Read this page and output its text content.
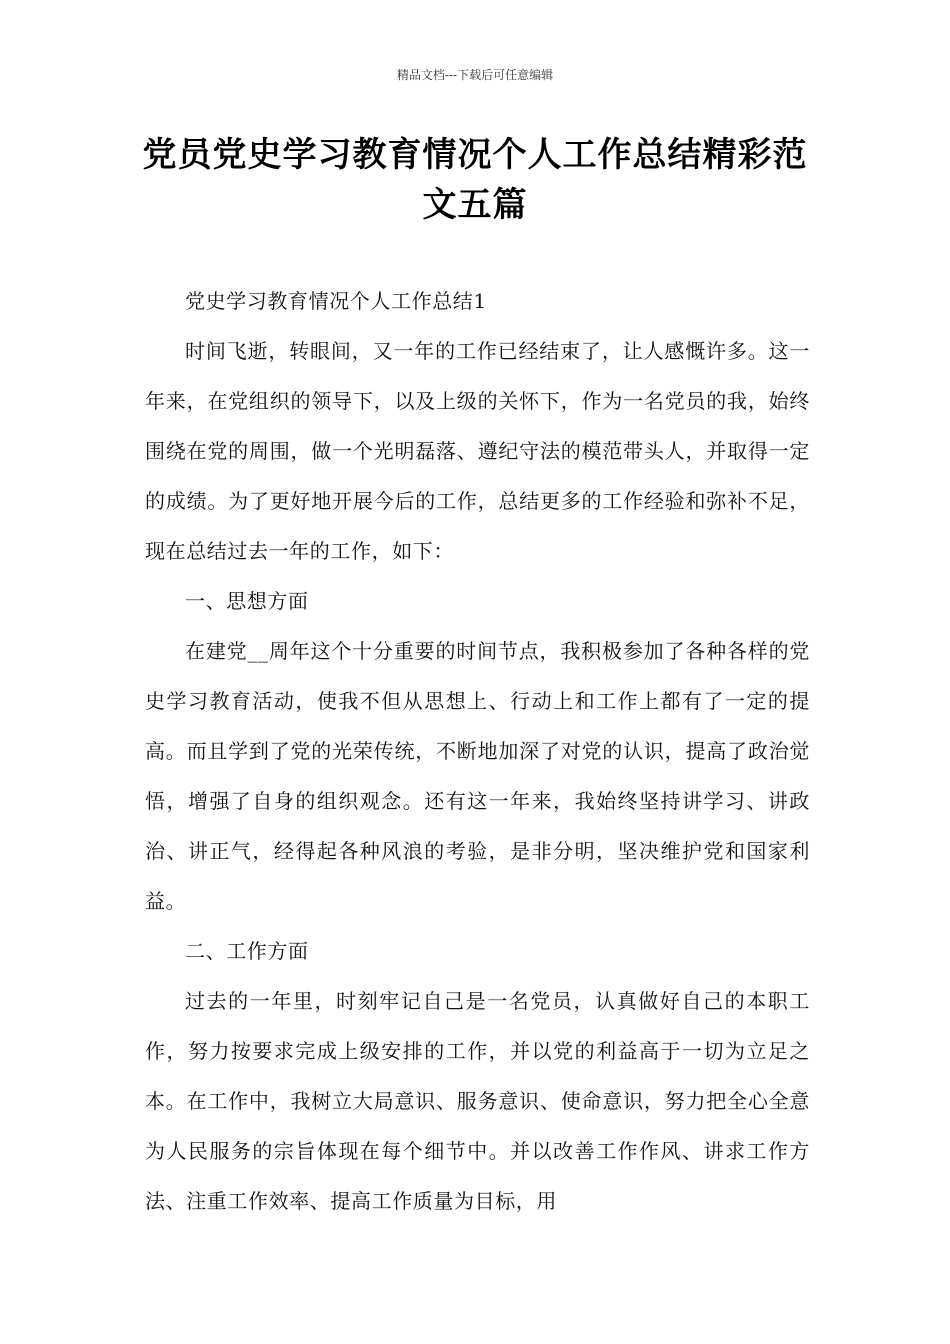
精品文档---下载后可任意编辑
党员党史学习教育情况个人工作总结精彩范文五篇

党史学习教育情况个人工作总结1

时间飞逝，转眼间，又一年的工作已经结束了，让人感慨许多。这一年来，在党组织的领导下，以及上级的关怀下，作为一名党员的我，始终围绕在党的周围，做一个光明磊落、遵纪守法的模范带头人，并取得一定的成绩。为了更好地开展今后的工作，总结更多的工作经验和弥补不足，现在总结过去一年的工作，如下：

一、思想方面

在建党__周年这个十分重要的时间节点，我积极参加了各种各样的党史学习教育活动，使我不但从思想上、行动上和工作上都有了一定的提高。而且学到了党的光荣传统，不断地加深了对党的认识，提高了政治觉悟，增强了自身的组织观念。还有这一年来，我始终坚持讲学习、讲政治、讲正气，经得起各种风浪的考验，是非分明，坚决维护党和国家利益。

二、工作方面

过去的一年里，时刻牢记自己是一名党员，认真做好自己的本职工作，努力按要求完成上级安排的工作，并以党的利益高于一切为立足之本。在工作中，我树立大局意识、服务意识、使命意识，努力把全心全意为人民服务的宗旨体现在每个细节中。并以改善工作作风、讲求工作方法、注重工作效率、提高工作质量为目标，用
